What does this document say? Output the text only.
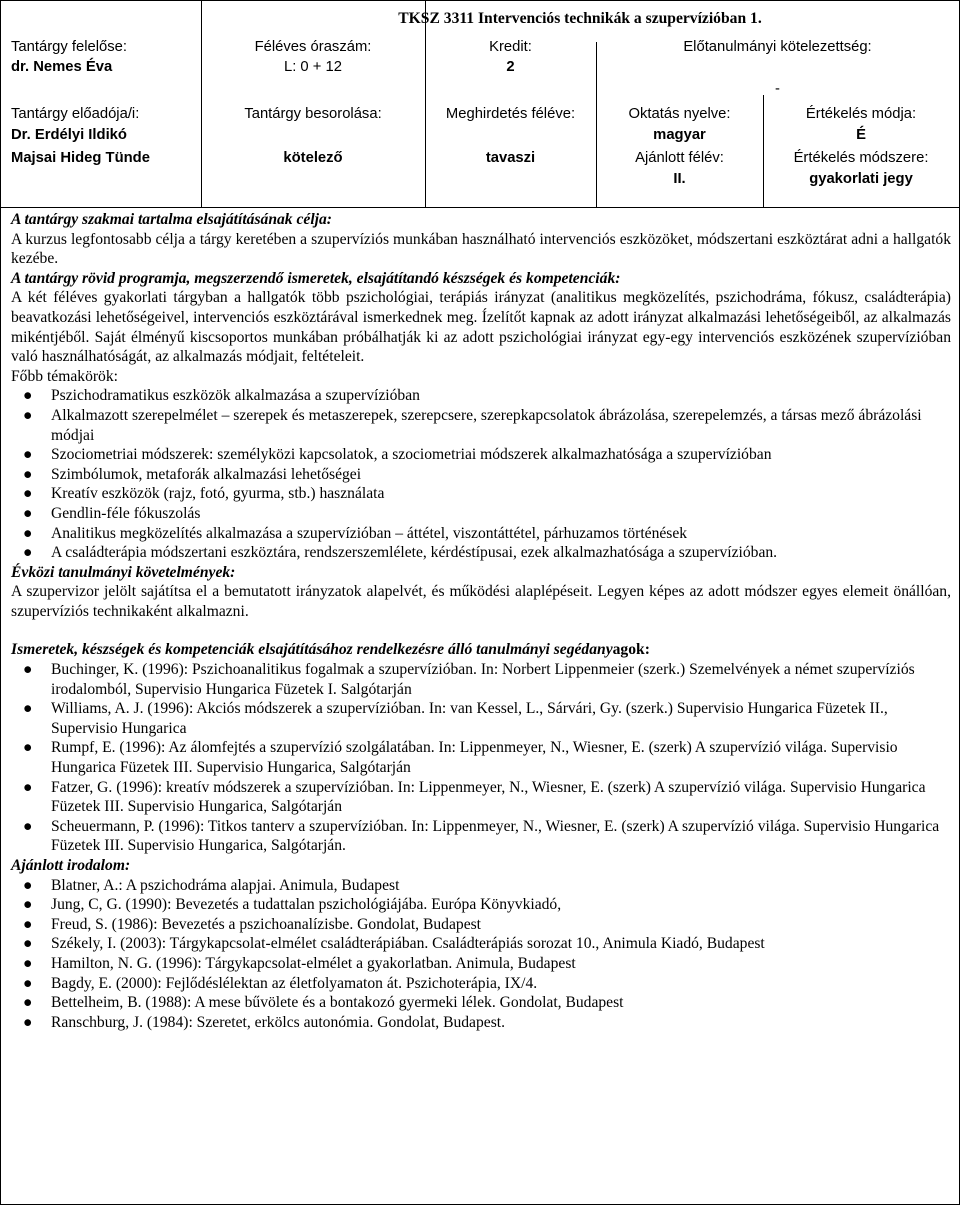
TKSZ 3311 Intervenciós technikák a szupervízióban 1.
Tantárgy felelőse:
dr. Nemes Éva
Tantárgy előadója/i:
Dr. Erdélyi Ildikó
Majsai Hideg Tünde
Féléves óraszám:
L: 0 + 12
Tantárgy besorolása:
kötelező
Kredit:
2
Meghirdetés féléve:
tavaszi
Előtanulmányi kötelezettség:
-
Oktatás nyelve:
magyar
Ajánlott félév:
II.
Értékelés módja:
É
Értékelés módszere:
gyakorlati jegy

A tantárgy szakmai tartalma elsajátításának célja:

A kurzus legfontosabb célja a tárgy keretében a szupervíziós munkában használható intervenciós eszközöket, módszertani eszköztárat adni a hallgatók kezébe.

A tantárgy rövid programja, megszerzendő ismeretek, elsajátítandó készségek és kompetenciák:

A két féléves gyakorlati tárgyban a hallgatók több pszichológiai, terápiás irányzat (analitikus megközelítés, pszichodráma, fókusz, családterápia) beavatkozási lehetőségeivel, intervenciós eszköztárával ismerkednek meg. Ízelítőt kapnak az adott irányzat alkalmazási lehetőségeiből, az alkalmazás mikéntjéből. Saját élményű kiscsoportos munkában próbálhatják ki az adott pszichológiai irányzat egy-egy intervenciós eszközének szupervízióban való használhatóságát, az alkalmazás módjait, feltételeit.

Főbb témakörök:

● Pszichodramatikus eszközök alkalmazása a szupervízióban
● Alkalmazott szerepelmélet – szerepek és metaszerepek, szerepcsere, szerepkapcsolatok ábrázolása, szerepelemzés, a társas mező ábrázolási módjai
● Szociometriai módszerek: személyközi kapcsolatok, a szociometriai módszerek alkalmazhatósága a szupervízióban
● Szimbólumok, metaforák alkalmazási lehetőségei
● Kreatív eszközök (rajz, fotó, gyurma, stb.) használata
● Gendlin-féle fókuszolás
● Analitikus megközelítés alkalmazása a szupervízióban – áttétel, viszontáttétel, párhuzamos történések
● A családterápia módszertani eszköztára, rendszerszemlélete, kérdéstípusai, ezek alkalmazhatósága a szupervízióban.

Évközi tanulmányi követelmények:

A szupervizor jelölt sajátítsa el a bemutatott irányzatok alapelvét, és működési alaplépéseit. Legyen képes az adott módszer egyes elemeit önállóan, szupervíziós technikaként alkalmazni.

Ismeretek, készségek és kompetenciák elsajátításához rendelkezésre álló tanulmányi segédanyagok:

● Buchinger, K. (1996): Pszichoanalitikus fogalmak a szupervízióban. In: Norbert Lippenmeier (szerk.) Szemelvények a német szupervíziós irodalomból, Supervisio Hungarica Füzetek I. Salgótarján
● Williams, A. J. (1996): Akciós módszerek a szupervízióban. In: van Kessel, L., Sárvári, Gy. (szerk.) Supervisio Hungarica Füzetek II., Supervisio Hungarica
● Rumpf, E. (1996): Az álomfejtés a szupervízió szolgálatában. In: Lippenmeyer, N., Wiesner, E. (szerk) A szupervízió világa. Supervisio Hungarica Füzetek III. Supervisio Hungarica, Salgótarján
● Fatzer, G. (1996): kreatív módszerek a szupervízióban. In: Lippenmeyer, N., Wiesner, E. (szerk) A szupervízió világa. Supervisio Hungarica Füzetek III. Supervisio Hungarica, Salgótarján
● Scheuermann, P. (1996): Titkos tanterv a szupervízióban. In: Lippenmeyer, N., Wiesner, E. (szerk) A szupervízió világa. Supervisio Hungarica Füzetek III. Supervisio Hungarica, Salgótarján.

Ajánlott irodalom:

● Blatner, A.: A pszichodráma alapjai. Animula, Budapest
● Jung, C, G. (1990): Bevezetés a tudattalan pszichológiájába. Európa Könyvkiadó,
● Freud, S. (1986): Bevezetés a pszichoanalízisbe. Gondolat, Budapest
● Székely, I. (2003): Tárgykapcsolat-elmélet családterápiában. Családterápiás sorozat 10., Animula Kiadó, Budapest
● Hamilton, N. G. (1996): Tárgykapcsolat-elmélet a gyakorlatban. Animula, Budapest
● Bagdy, E. (2000): Fejlődéslélektan az életfolyamaton át. Pszichoterápia, IX/4.
● Bettelheim, B. (1988): A mese bűvölete és a bontakozó gyermeki lélek. Gondolat, Budapest
● Ranschburg, J. (1984): Szeretet, erkölcs autonómia. Gondolat, Budapest.
